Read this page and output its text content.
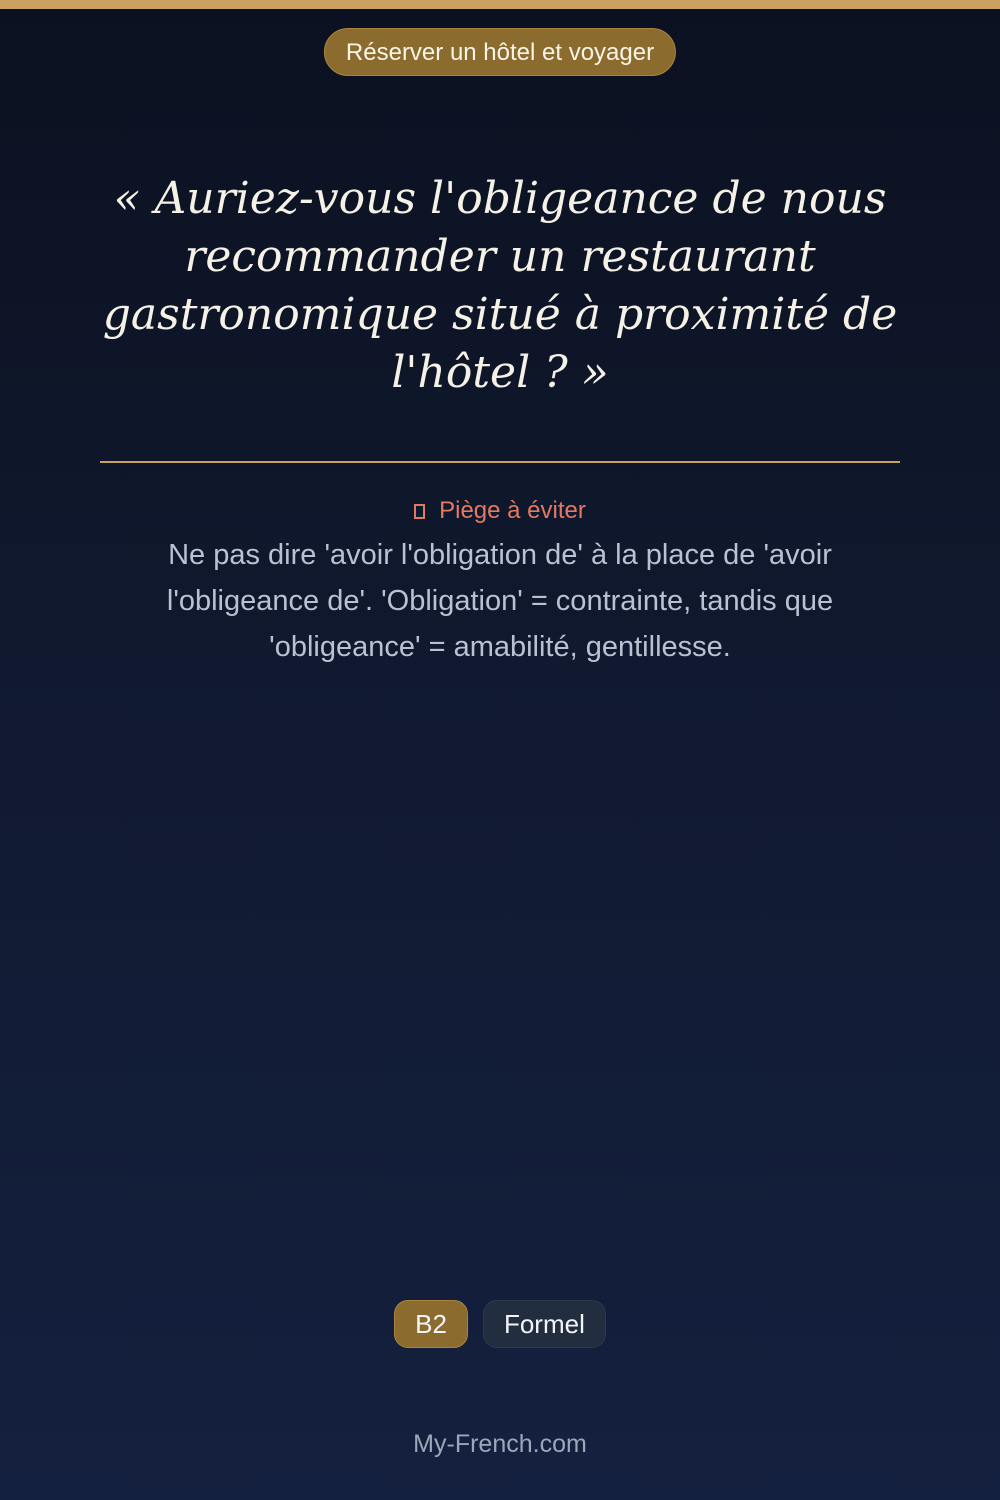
Réserver un hôtel et voyager

« Auriez-vous l'obligeance de nous recommander un restaurant gastronomique situé à proximité de l'hôtel ? »

Piège à éviter

Ne pas dire 'avoir l'obligation de' à la place de 'avoir l'obligeance de'. 'Obligation' = contrainte, tandis que 'obligeance' = amabilité, gentillesse.

B2 Formel
My-French.com
